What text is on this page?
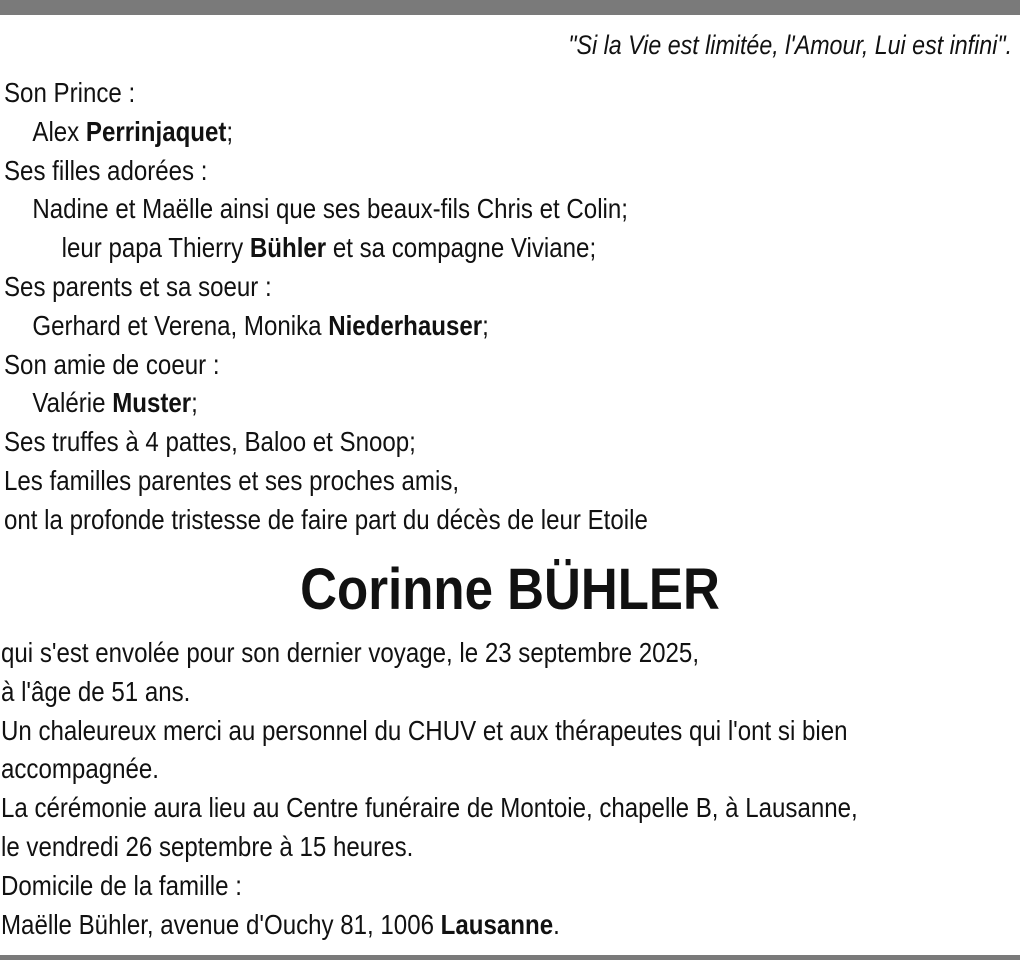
"Si la Vie est limitée, l'Amour, Lui est infini".
Son Prince :
Alex Perrinjaquet;
Ses filles adorées :
Nadine et Maëlle ainsi que ses beaux-fils Chris et Colin;
leur papa Thierry Bühler et sa compagne Viviane;
Ses parents et sa soeur :
Gerhard et Verena, Monika Niederhauser;
Son amie de coeur :
Valérie Muster;
Ses truffes à 4 pattes, Baloo et Snoop;
Les familles parentes et ses proches amis,
ont la profonde tristesse de faire part du décès de leur Etoile
Corinne BÜHLER
qui s'est envolée pour son dernier voyage, le 23 septembre 2025,
à l'âge de 51 ans.
Un chaleureux merci au personnel du CHUV et aux thérapeutes qui l'ont si bien
accompagnée.
La cérémonie aura lieu au Centre funéraire de Montoie, chapelle B, à Lausanne,
le vendredi 26 septembre à 15 heures.
Domicile de la famille :
Maëlle Bühler, avenue d'Ouchy 81, 1006 Lausanne.
